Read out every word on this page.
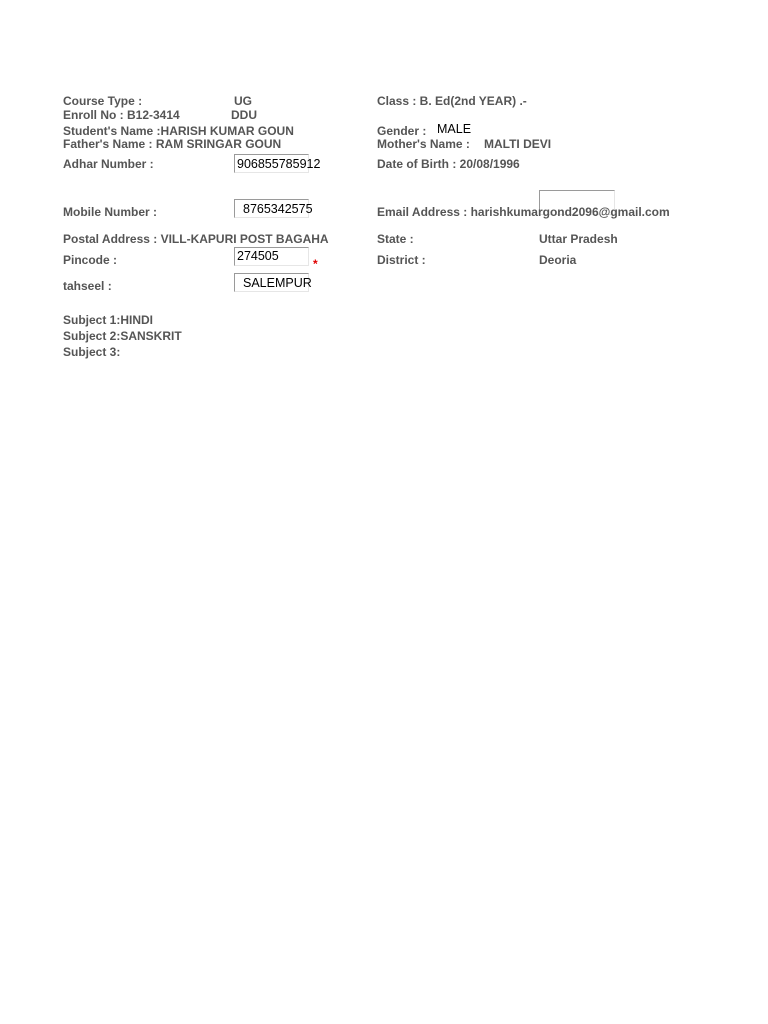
Course Type :	UG
Enroll No : B12-3414	DDU
Student's Name :HARISH KUMAR GOUN
Father's Name : RAM SRINGAR GOUN
Adhar Number :	906855785912
Mobile Number :	8765342575
Postal Address : VILL-KAPURI POST BAGAHA
Pincode :	274505
*
tahseel :	SALEMPUR
Subject 1:HINDI
Subject 2:SANSKRIT
Subject 3:
Class : B. Ed(2nd YEAR) .-
Gender : MALE
Mother's Name : MALTI DEVI
Date of Birth : 20/08/1996
Email Address : harishkumargond2096@gmail.com
State :	Uttar Pradesh
District :	Deoria
